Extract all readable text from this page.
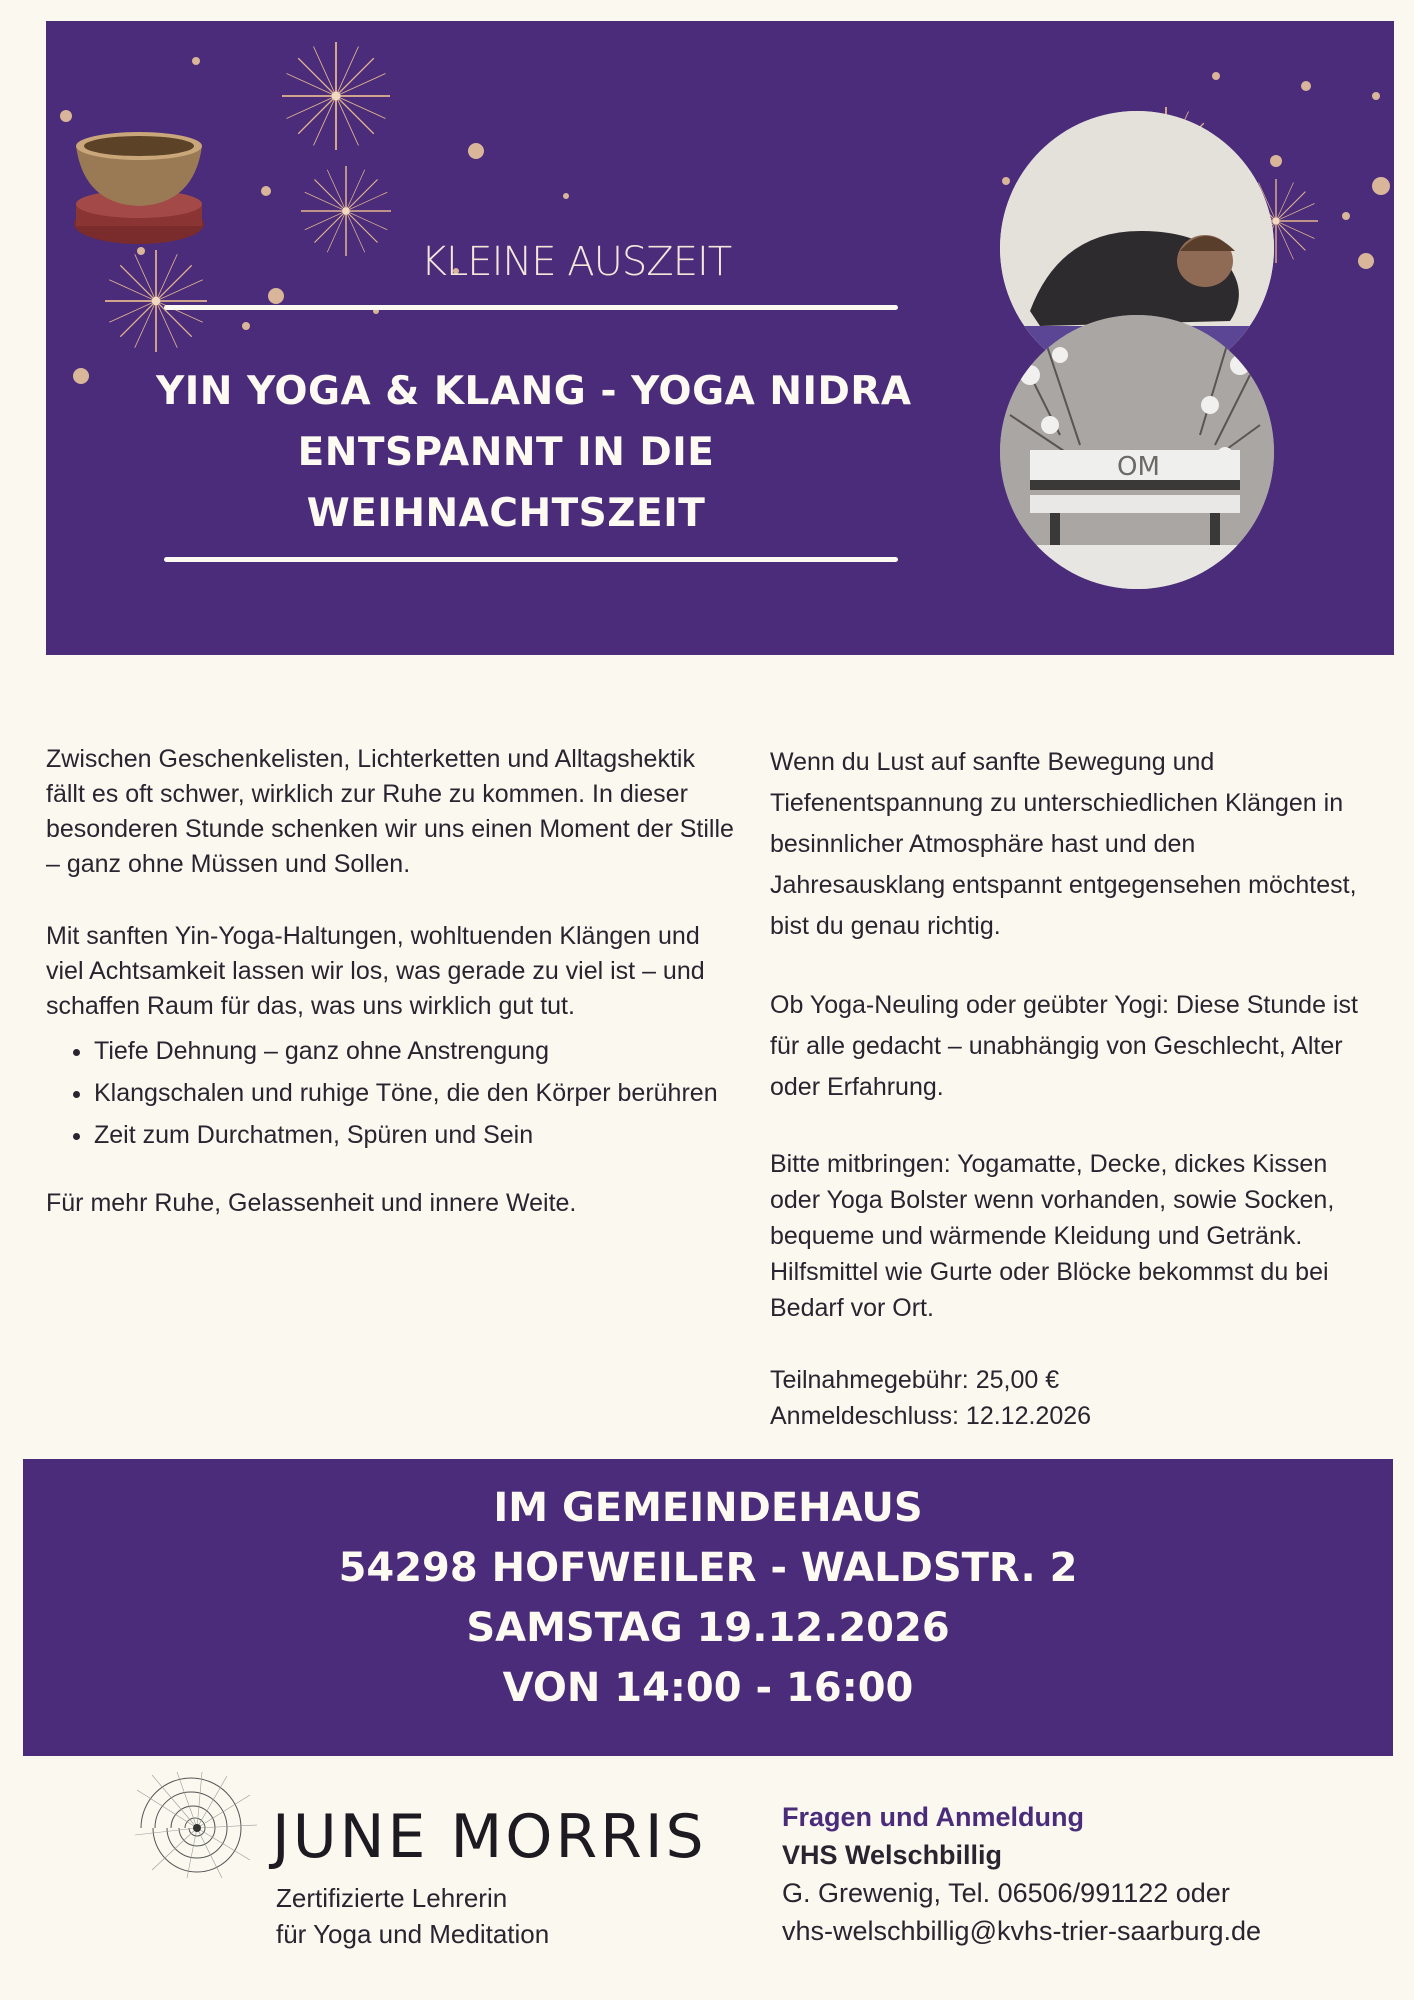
KLEINE AUSZEIT
YIN YOGA & KLANG - YOGA NIDRA
ENTSPANNT IN DIE
WEIHNACHTSZEIT
OM

Zwischen Geschenkelisten, Lichterketten und Alltagshektik fällt es oft schwer, wirklich zur Ruhe zu kommen. In dieser besonderen Stunde schenken wir uns einen Moment der Stille – ganz ohne Müssen und Sollen.

Mit sanften Yin-Yoga-Haltungen, wohltuenden Klängen und viel Achtsamkeit lassen wir los, was gerade zu viel ist – und schaffen Raum für das, was uns wirklich gut tut.

• Tiefe Dehnung – ganz ohne Anstrengung
• Klangschalen und ruhige Töne, die den Körper berühren
• Zeit zum Durchatmen, Spüren und Sein

Für mehr Ruhe, Gelassenheit und innere Weite.

Wenn du Lust auf sanfte Bewegung und Tiefenentspannung zu unterschiedlichen Klängen in besinnlicher Atmosphäre hast und den Jahresausklang entspannt entgegensehen möchtest, bist du genau richtig.

Ob Yoga-Neuling oder geübter Yogi: Diese Stunde ist für alle gedacht – unabhängig von Geschlecht, Alter oder Erfahrung.

Bitte mitbringen: Yogamatte, Decke, dickes Kissen oder Yoga Bolster wenn vorhanden, sowie Socken, bequeme und wärmende Kleidung und Getränk. Hilfsmittel wie Gurte oder Blöcke bekommst du bei Bedarf vor Ort.

Teilnahmegebühr: 25,00 €

Anmeldeschluss: 12.12.2026

IM GEMEINDEHAUS
54298 HOFWEILER - WALDSTR. 2
SAMSTAG 19.12.2026
VON 14:00 - 16:00
JUNE MORRIS
Zertifizierte Lehrerin
für Yoga und Meditation
Fragen und Anmeldung
VHS Welschbillig
G. Grewenig, Tel. 06506/991122 oder
vhs-welschbillig@kvhs-trier-saarburg.de
